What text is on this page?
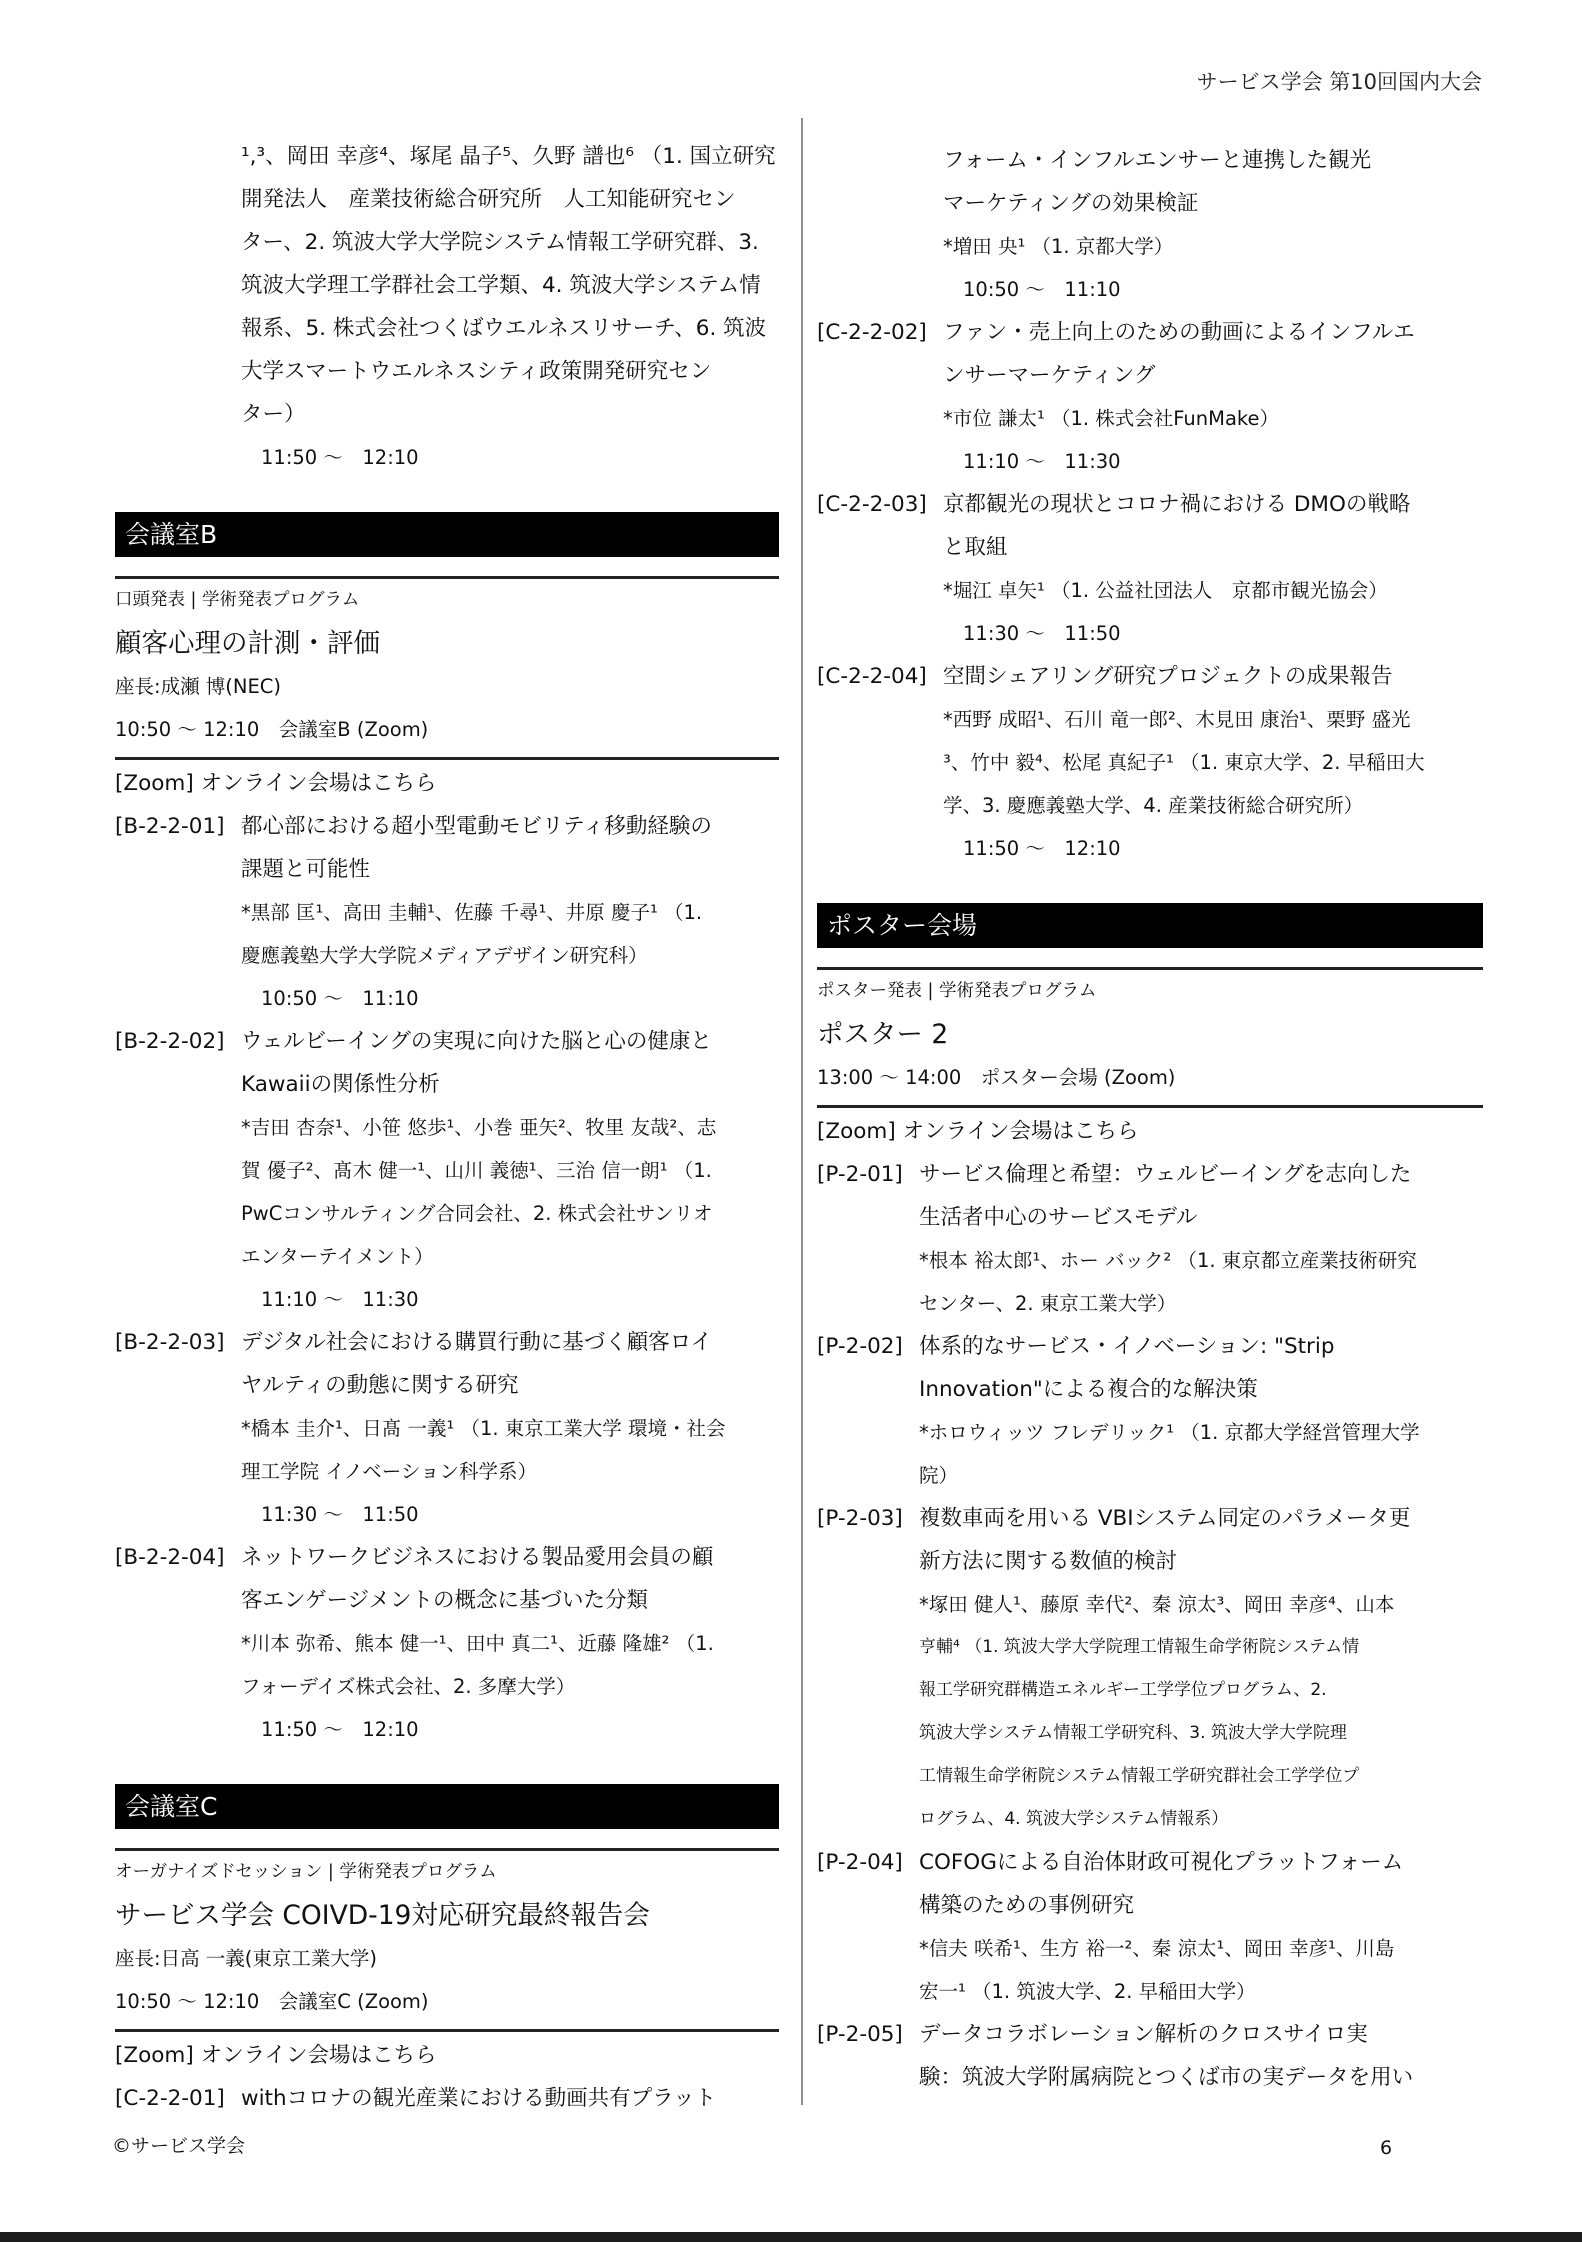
サービス学会 第10回国内大会
¹,³、岡田 幸彦⁴、塚尾 晶子⁵、久野 譜也⁶ （1. 国立研究
開発法人　産業技術総合研究所　人工知能研究セン
ター、2. 筑波大学大学院システム情報工学研究群、3.
筑波大学理工学群社会工学類、4. 筑波大学システム情
報系、5. 株式会社つくばウエルネスリサーチ、6. 筑波
大学スマートウエルネスシティ政策開発研究セン
ター）
11:50 ～　12:10
会議室B
口頭発表 | 学術発表プログラム
顧客心理の計測・評価
座長:成瀬 博(NEC)
10:50 ～ 12:10　会議室B (Zoom)
[Zoom] オンライン会場はこちら
[B-2-2-01] 都心部における超小型電動モビリティ移動経験の
課題と可能性
*黒部 匡¹、高田 圭輔¹、佐藤 千尋¹、井原 慶子¹ （1.
慶應義塾大学大学院メディアデザイン研究科）
10:50 ～　11:10
[B-2-2-02] ウェルビーイングの実現に向けた脳と心の健康と
Kawaiiの関係性分析
*吉田 杏奈¹、小笹 悠歩¹、小巻 亜矢²、牧里 友哉²、志
賀 優子²、髙木 健一¹、山川 義徳¹、三治 信一朗¹ （1.
PwCコンサルティング合同会社、2. 株式会社サンリオ
エンターテイメント）
11:10 ～　11:30
[B-2-2-03] デジタル社会における購買行動に基づく顧客ロイ
ヤルティの動態に関する研究
*橋本 圭介¹、日髙 一義¹ （1. 東京工業大学 環境・社会
理工学院 イノベーション科学系）
11:30 ～　11:50
[B-2-2-04] ネットワークビジネスにおける製品愛用会員の顧
客エンゲージメントの概念に基づいた分類
*川本 弥希、熊本 健一¹、田中 真二¹、近藤 隆雄² （1.
フォーデイズ株式会社、2. 多摩大学）
11:50 ～　12:10
会議室C
オーガナイズドセッション | 学術発表プログラム
サービス学会 COIVD-19対応研究最終報告会
座長:日高 一義(東京工業大学)
10:50 ～ 12:10　会議室C (Zoom)
[Zoom] オンライン会場はこちら
[C-2-2-01] withコロナの観光産業における動画共有プラット
フォーム・インフルエンサーと連携した観光
マーケティングの効果検証
*増田 央¹ （1. 京都大学）
10:50 ～　11:10
[C-2-2-02] ファン・売上向上のための動画によるインフルエ
ンサーマーケティング
*市位 謙太¹ （1. 株式会社FunMake）
11:10 ～　11:30
[C-2-2-03] 京都観光の現状とコロナ禍における DMOの戦略
と取組
*堀江 卓矢¹ （1. 公益社団法人　京都市観光協会）
11:30 ～　11:50
[C-2-2-04] 空間シェアリング研究プロジェクトの成果報告
*西野 成昭¹、石川 竜一郎²、木見田 康治¹、栗野 盛光
³、竹中 毅⁴、松尾 真紀子¹ （1. 東京大学、2. 早稲田大
学、3. 慶應義塾大学、4. 産業技術総合研究所）
11:50 ～　12:10
ポスター会場
ポスター発表 | 学術発表プログラム
ポスター 2
13:00 ～ 14:00　ポスター会場 (Zoom)
[Zoom] オンライン会場はこちら
[P-2-01] サービス倫理と希望：ウェルビーイングを志向した
生活者中心のサービスモデル
*根本 裕太郎¹、ホー バック² （1. 東京都立産業技術研究
センター、2. 東京工業大学）
[P-2-02] 体系的なサービス・イノベーション: "Strip
Innovation"による複合的な解決策
*ホロウィッツ フレデリック¹ （1. 京都大学経営管理大学
院）
[P-2-03] 複数車両を用いる VBIシステム同定のパラメータ更
新方法に関する数値的検討
*塚田 健人¹、藤原 幸代²、秦 涼太³、岡田 幸彦⁴、山本
亨輔⁴ （1. 筑波大学大学院理工情報生命学術院システム情
報工学研究群構造エネルギー工学学位プログラム、2.
筑波大学システム情報工学研究科、3. 筑波大学大学院理
工情報生命学術院システム情報工学研究群社会工学学位プ
ログラム、4. 筑波大学システム情報系）
[P-2-04] COFOGによる自治体財政可視化プラットフォーム
構築のための事例研究
*信夫 咲希¹、生方 裕一²、秦 涼太¹、岡田 幸彦¹、川島
宏一¹ （1. 筑波大学、2. 早稲田大学）
[P-2-05] データコラボレーション解析のクロスサイロ実
験：筑波大学附属病院とつくば市の実データを用い
©サービス学会	6
